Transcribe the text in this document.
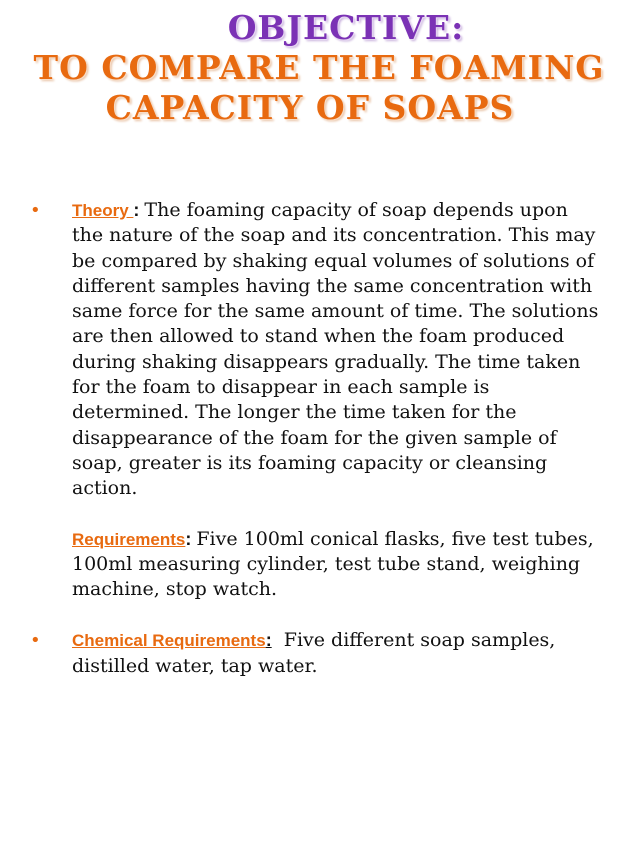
OBJECTIVE:
TO COMPARE THE FOAMING
CAPACITY OF SOAPS
• Theory : The foaming capacity of soap depends upon the nature of the soap and its concentration. This may be compared by shaking equal volumes of solutions of different samples having the same concentration with same force for the same amount of time. The solutions are then allowed to stand when the foam produced during shaking disappears gradually. The time taken for the foam to disappear in each sample is determined. The longer the time taken for the disappearance of the foam for the given sample of soap, greater is its foaming capacity or cleansing action.
Requirements: Five 100ml conical flasks, five test tubes, 100ml measuring cylinder, test tube stand, weighing machine, stop watch.
• Chemical Requirements:  Five different soap samples, distilled water, tap water.
